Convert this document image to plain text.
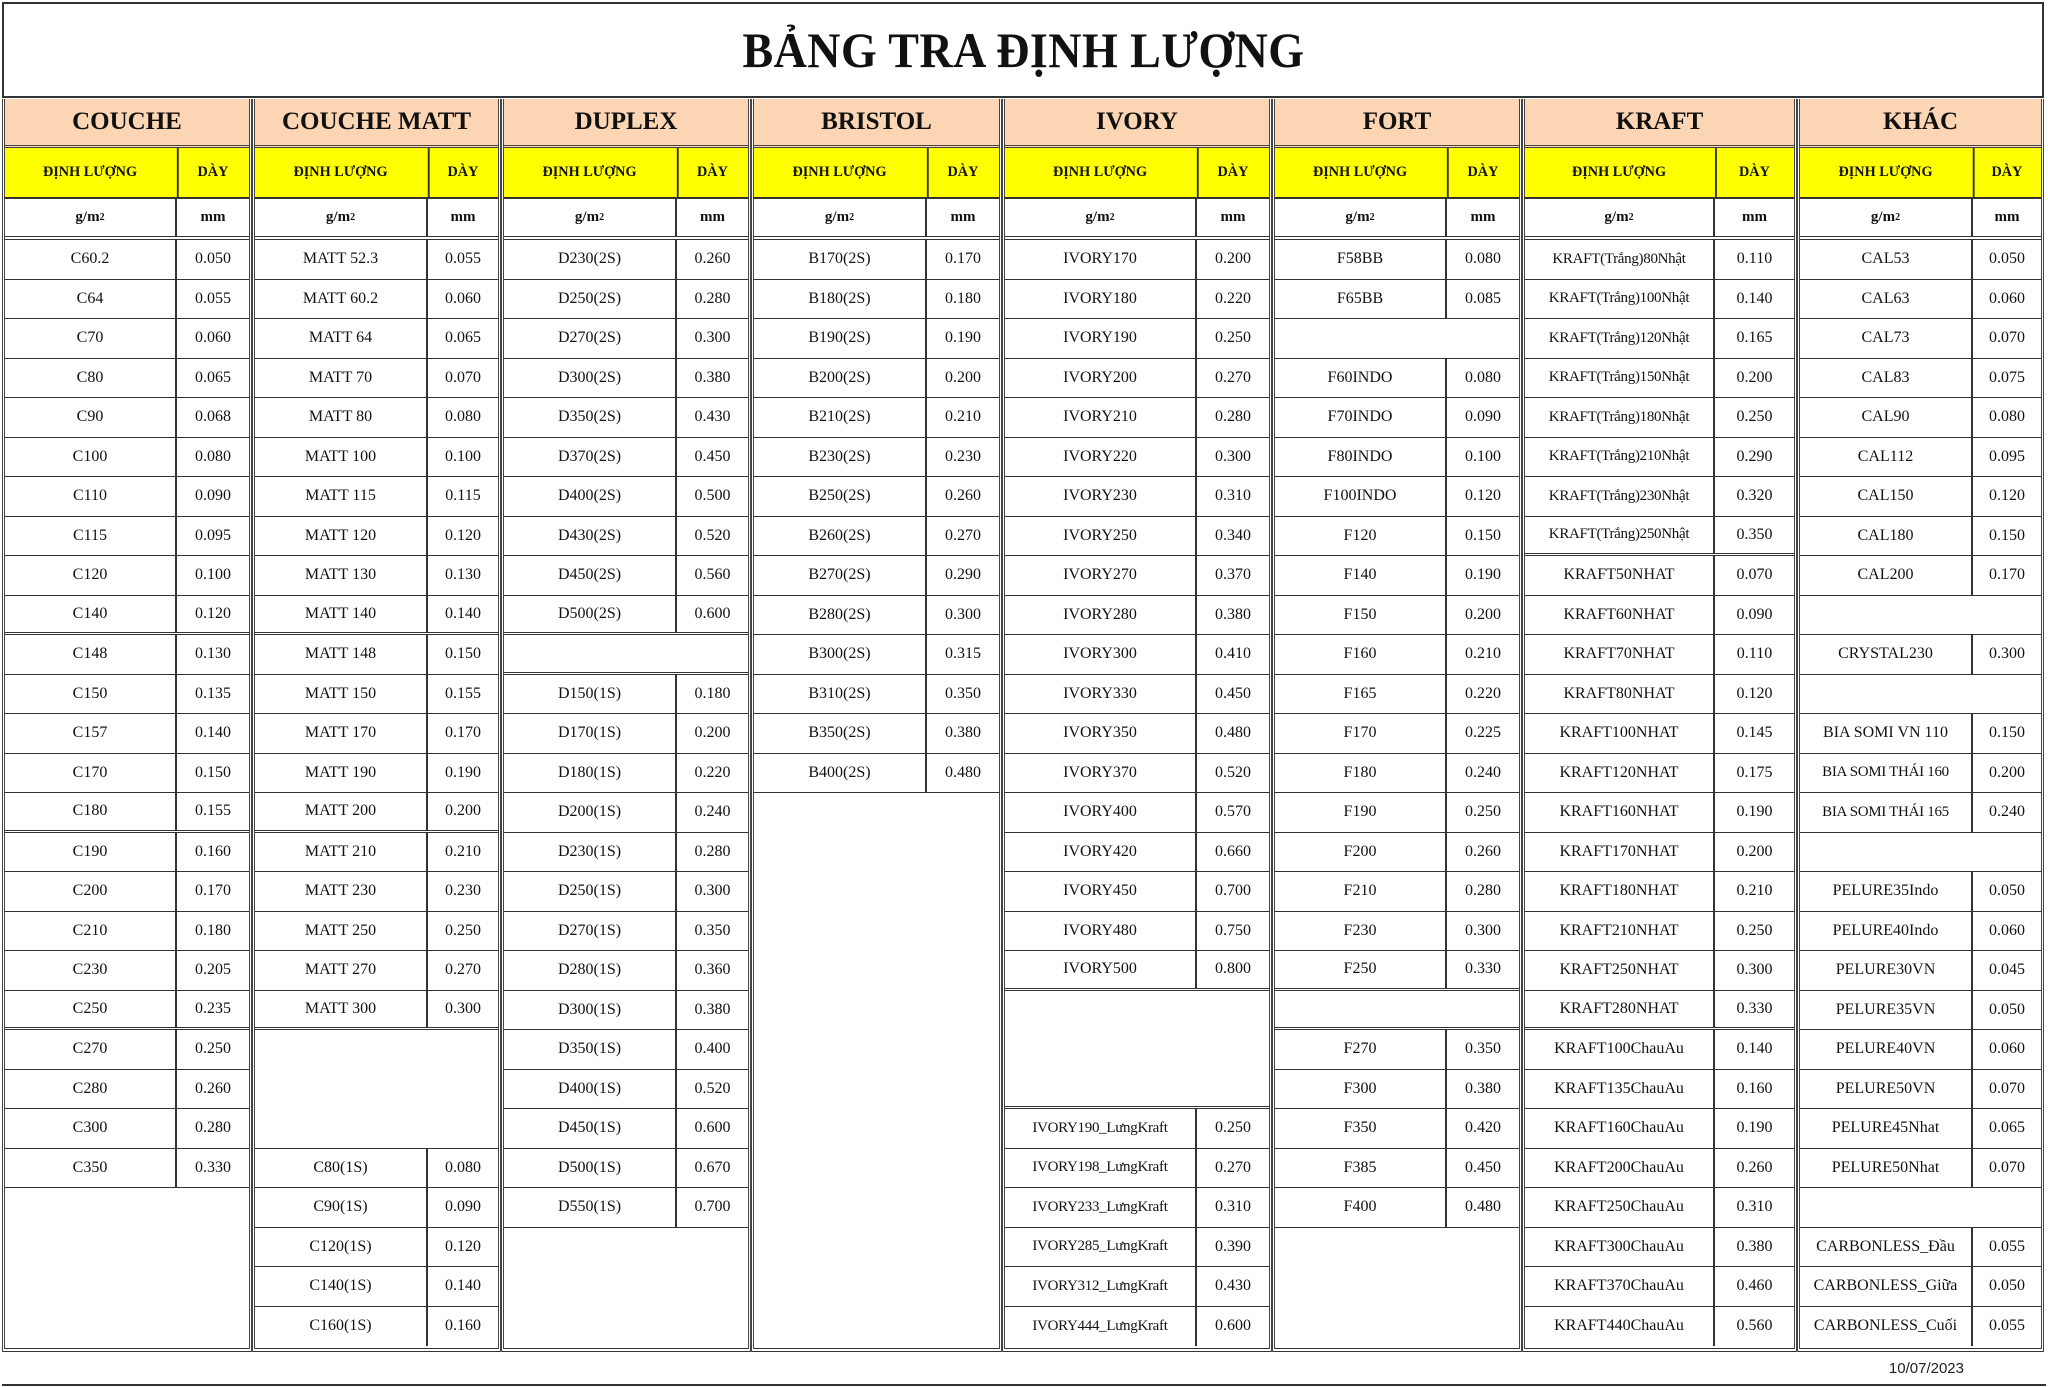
BẢNG TRA ĐỊNH LƯỢNG
COUCHE
ĐỊNH LƯỢNG	DÀY
g/m 2	mm
C60.2	0.050
C64	0.055
C70	0.060
C80	0.065
C90	0.068
C100	0.080
C110	0.090
C115	0.095
C120	0.100
C140	0.120
C148	0.130
C150	0.135
C157	0.140
C170	0.150
C180	0.155
C190	0.160
C200	0.170
C210	0.180
C230	0.205
C250	0.235
C270	0.250
C280	0.260
C300	0.280
C350	0.330
COUCHE MATT
ĐỊNH LƯỢNG	DÀY
g/m 2	mm
MATT 52.3	0.055
MATT 60.2	0.060
MATT 64	0.065
MATT 70	0.070
MATT 80	0.080
MATT 100	0.100
MATT 115	0.115
MATT 120	0.120
MATT 130	0.130
MATT 140	0.140
MATT 148	0.150
MATT 150	0.155
MATT 170	0.170
MATT 190	0.190
MATT 200	0.200
MATT 210	0.210
MATT 230	0.230
MATT 250	0.250
MATT 270	0.270
MATT 300	0.300
C80(1S)	0.080
C90(1S)	0.090
C120(1S)	0.120
C140(1S)	0.140
C160(1S)	0.160
DUPLEX
ĐỊNH LƯỢNG	DÀY
g/m 2	mm
D230(2S)	0.260
D250(2S)	0.280
D270(2S)	0.300
D300(2S)	0.380
D350(2S)	0.430
D370(2S)	0.450
D400(2S)	0.500
D430(2S)	0.520
D450(2S)	0.560
D500(2S)	0.600
D150(1S)	0.180
D170(1S)	0.200
D180(1S)	0.220
D200(1S)	0.240
D230(1S)	0.280
D250(1S)	0.300
D270(1S)	0.350
D280(1S)	0.360
D300(1S)	0.380
D350(1S)	0.400
D400(1S)	0.520
D450(1S)	0.600
D500(1S)	0.670
D550(1S)	0.700
BRISTOL
ĐỊNH LƯỢNG	DÀY
g/m 2	mm
B170(2S)	0.170
B180(2S)	0.180
B190(2S)	0.190
B200(2S)	0.200
B210(2S)	0.210
B230(2S)	0.230
B250(2S)	0.260
B260(2S)	0.270
B270(2S)	0.290
B280(2S)	0.300
B300(2S)	0.315
B310(2S)	0.350
B350(2S)	0.380
B400(2S)	0.480
IVORY
ĐỊNH LƯỢNG	DÀY
g/m 2	mm
IVORY170	0.200
IVORY180	0.220
IVORY190	0.250
IVORY200	0.270
IVORY210	0.280
IVORY220	0.300
IVORY230	0.310
IVORY250	0.340
IVORY270	0.370
IVORY280	0.380
IVORY300	0.410
IVORY330	0.450
IVORY350	0.480
IVORY370	0.520
IVORY400	0.570
IVORY420	0.660
IVORY450	0.700
IVORY480	0.750
IVORY500	0.800
IVORY190_LưngKraft	0.250
IVORY198_LưngKraft	0.270
IVORY233_LưngKraft	0.310
IVORY285_LưngKraft	0.390
IVORY312_LưngKraft	0.430
IVORY444_LưngKraft	0.600
FORT
ĐỊNH LƯỢNG	DÀY
g/m 2	mm
F58BB	0.080
F65BB	0.085
F60INDO	0.080
F70INDO	0.090
F80INDO	0.100
F100INDO	0.120
F120	0.150
F140	0.190
F150	0.200
F160	0.210
F165	0.220
F170	0.225
F180	0.240
F190	0.250
F200	0.260
F210	0.280
F230	0.300
F250	0.330
F270	0.350
F300	0.380
F350	0.420
F385	0.450
F400	0.480
KRAFT
ĐỊNH LƯỢNG	DÀY
g/m 2	mm
KRAFT(Trắng)80Nhật	0.110
KRAFT(Trắng)100Nhật	0.140
KRAFT(Trắng)120Nhật	0.165
KRAFT(Trắng)150Nhật	0.200
KRAFT(Trắng)180Nhật	0.250
KRAFT(Trắng)210Nhật	0.290
KRAFT(Trắng)230Nhật	0.320
KRAFT(Trắng)250Nhật	0.350
KRAFT50NHAT	0.070
KRAFT60NHAT	0.090
KRAFT70NHAT	0.110
KRAFT80NHAT	0.120
KRAFT100NHAT	0.145
KRAFT120NHAT	0.175
KRAFT160NHAT	0.190
KRAFT170NHAT	0.200
KRAFT180NHAT	0.210
KRAFT210NHAT	0.250
KRAFT250NHAT	0.300
KRAFT280NHAT	0.330
KRAFT100ChauAu	0.140
KRAFT135ChauAu	0.160
KRAFT160ChauAu	0.190
KRAFT200ChauAu	0.260
KRAFT250ChauAu	0.310
KRAFT300ChauAu	0.380
KRAFT370ChauAu	0.460
KRAFT440ChauAu	0.560
KHÁC
ĐỊNH LƯỢNG	DÀY
g/m 2	mm
CAL53	0.050
CAL63	0.060
CAL73	0.070
CAL83	0.075
CAL90	0.080
CAL112	0.095
CAL150	0.120
CAL180	0.150
CAL200	0.170
CRYSTAL230	0.300
BIA SOMI VN 110	0.150
BIA SOMI THÁI 160	0.200
BIA SOMI THÁI 165	0.240
PELURE35Indo	0.050
PELURE40Indo	0.060
PELURE30VN	0.045
PELURE35VN	0.050
PELURE40VN	0.060
PELURE50VN	0.070
PELURE45Nhat	0.065
PELURE50Nhat	0.070
CARBONLESS_Đầu	0.055
CARBONLESS_Giữa	0.050
CARBONLESS_Cuối	0.055
10/07/2023
